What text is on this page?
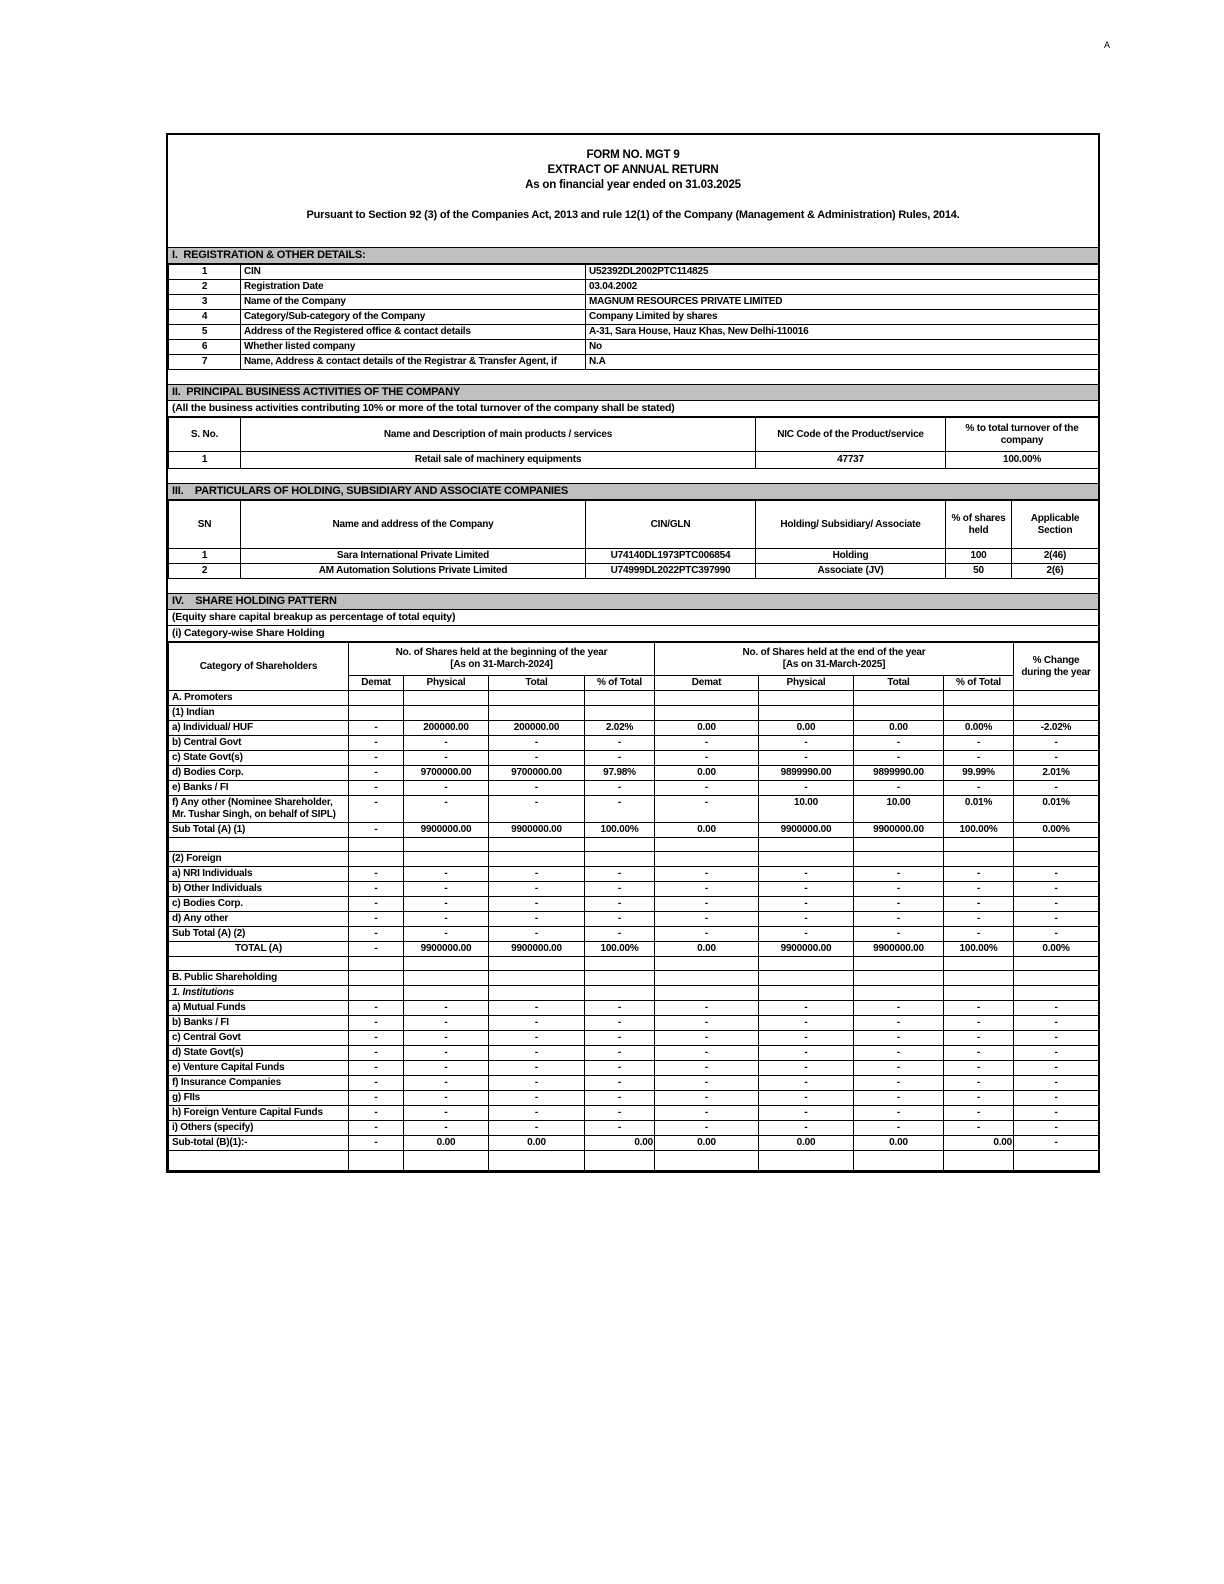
A
FORM NO. MGT 9
EXTRACT OF ANNUAL RETURN
As on financial year ended on 31.03.2025
Pursuant to Section 92 (3) of the Companies Act, 2013 and rule 12(1) of the Company (Management & Administration) Rules, 2014.
I.  REGISTRATION & OTHER DETAILS:
1	CIN	U52392DL2002PTC114825
2	Registration Date	03.04.2002
3	Name of the Company	MAGNUM RESOURCES PRIVATE LIMITED
4	Category/Sub-category of the Company	Company Limited by shares
5	Address of the Registered office & contact details	A-31, Sara House, Hauz Khas, New Delhi-110016
6	Whether listed company	No
7	Name, Address & contact details of the Registrar & Transfer Agent, if	N.A
II.  PRINCIPAL BUSINESS ACTIVITIES OF THE COMPANY
(All the business activities contributing 10% or more of the total turnover of the company shall be stated)
S. No.	Name and Description of main products / services	NIC Code of the Product/service	% to total turnover of the company
1	Retail sale of machinery equipments	47737	100.00%
III.    PARTICULARS OF HOLDING, SUBSIDIARY AND ASSOCIATE COMPANIES
SN	Name and address of the Company	CIN/GLN	Holding/ Subsidiary/ Associate	% of shares held	Applicable Section
1	Sara International Private Limited	U74140DL1973PTC006854	Holding	100	2(46)
2	AM Automation Solutions Private Limited	U74999DL2022PTC397990	Associate (JV)	50	2(6)
IV.    SHARE HOLDING PATTERN
(Equity share capital breakup as percentage of total equity)
(i) Category-wise Share Holding
Category of Shareholders	
No. of Shares held at the beginning of the year
[As on 31-March-2024]

No. of Shares held at the end of the year
[As on 31-March-2025]	% Change during the year
	Demat	Physical	Total	% of Total	Demat	Physical	Total	% of Total	
A. Promoters									
(1) Indian									
a) Individual/ HUF	-	200000.00	200000.00	2.02%	0.00	0.00	0.00	0.00%	-2.02%
b) Central Govt	-	-	-	-	-	-	-	-	-
c) State Govt(s)	-	-	-	-	-	-	-	-	-
d) Bodies Corp.	-	9700000.00	9700000.00	97.98%	0.00	9899990.00	9899990.00	99.99%	2.01%
e) Banks / FI	-	-	-	-	-	-	-	-	-
f) Any other (Nominee Shareholder, Mr. Tushar Singh, on behalf of SIPL)	-	-	-	-	-	10.00	10.00	0.01%	0.01%
Sub Total (A) (1)	-	9900000.00	9900000.00	100.00%	0.00	9900000.00	9900000.00	100.00%	0.00%

(2) Foreign									
a) NRI Individuals	-	-	-	-	-	-	-	-	-
b) Other Individuals	-	-	-	-	-	-	-	-	-
c) Bodies Corp.	-	-	-	-	-	-	-	-	-
d) Any other	-	-	-	-	-	-	-	-	-
Sub Total (A) (2)	-	-	-	-	-	-	-	-	-
TOTAL (A)	-	9900000.00	9900000.00	100.00%	0.00	9900000.00	9900000.00	100.00%	0.00%

B. Public Shareholding									
1. Institutions									
a) Mutual Funds	-	-	-	-	-	-	-	-	-
b) Banks / FI	-	-	-	-	-	-	-	-	-
c) Central Govt	-	-	-	-	-	-	-	-	-
d) State Govt(s)	-	-	-	-	-	-	-	-	-
e) Venture Capital Funds	-	-	-	-	-	-	-	-	-
f) Insurance Companies	-	-	-	-	-	-	-	-	-
g) FIIs	-	-	-	-	-	-	-	-	-
h) Foreign Venture Capital Funds	-	-	-	-	-	-	-	-	-
i) Others (specify)	-	-	-	-	-	-	-	-	-
Sub-total (B)(1):-	-	0.00	0.00	0.00	0.00	0.00	0.00	0.00	-
